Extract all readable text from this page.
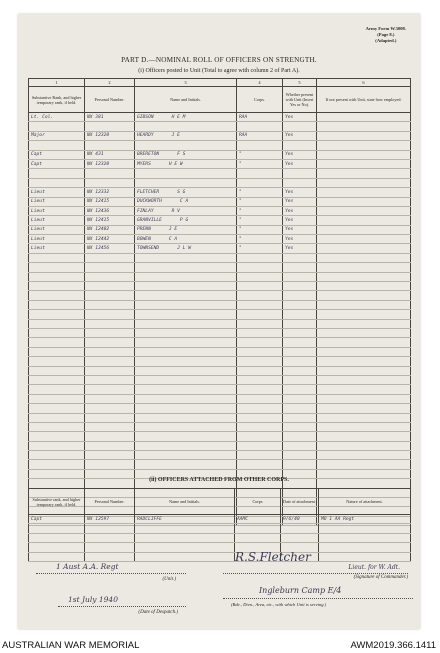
Army Form W.3008.
(Page 8.)
(Adapted.)
PART D.—NOMINAL ROLL OF OFFICERS ON STRENGTH.
(i) Officers posted to Unit (Total to agree with column 2 of Part A).
1	2	3	4	5	6
Substantive Rank, and higher temporary rank, if held.	Personal Number.	Name and Initials.	Corps.	Whether present with Unit (Insert Yes or No).	If not present with Unit, state how employed.
Lt. Col.	NX 381	GIBSON H E M	RAA	Yes	

Major	NX 12320	HEARDY J E	RAA	Yes	

Capt	NX 431	BRERETON F S	"	Yes	
Capt	NX 12320	MYERS H E W	"	Yes	

Lieut	NX 12332	FLETCHER S G	"	Yes	
Lieut	NX 12415	DUCKWORTH C A	"	Yes	
Lieut	NX 12436	FINLAY R V	"	Yes	
Lieut	NX 12415	GRANVILLE P G	"	Yes	
Lieut	NX 12402	PRENN J E	"	Yes	
Lieut	NX 12442	BOWEN C A	"	Yes	
Lieut	NX 12456	TOWNSEND J L W	"	Yes	

(ii) OFFICERS ATTACHED FROM OTHER CORPS.
Substantive rank, and higher temporary rank, if held.	Personal Number.	Name and Initials.	Corps	Date of attachment.	Nature of attachment.
Capt	NX 12597	RADCLIFFE	AAMC	9/6/40	MO 1 AA Regt

1 Aust A.A. Regt
(Unit.)
R.S.Fletcher
Lieut. for W. Adt.
(Signature of Commander.)
1st July 1940
(Date of Despatch.)
Ingleburn Camp E/4
(Bde., Divn., Area, etc., with which Unit is serving.)
AUSTRALIAN WAR MEMORIAL	AWM2019.366.1411
